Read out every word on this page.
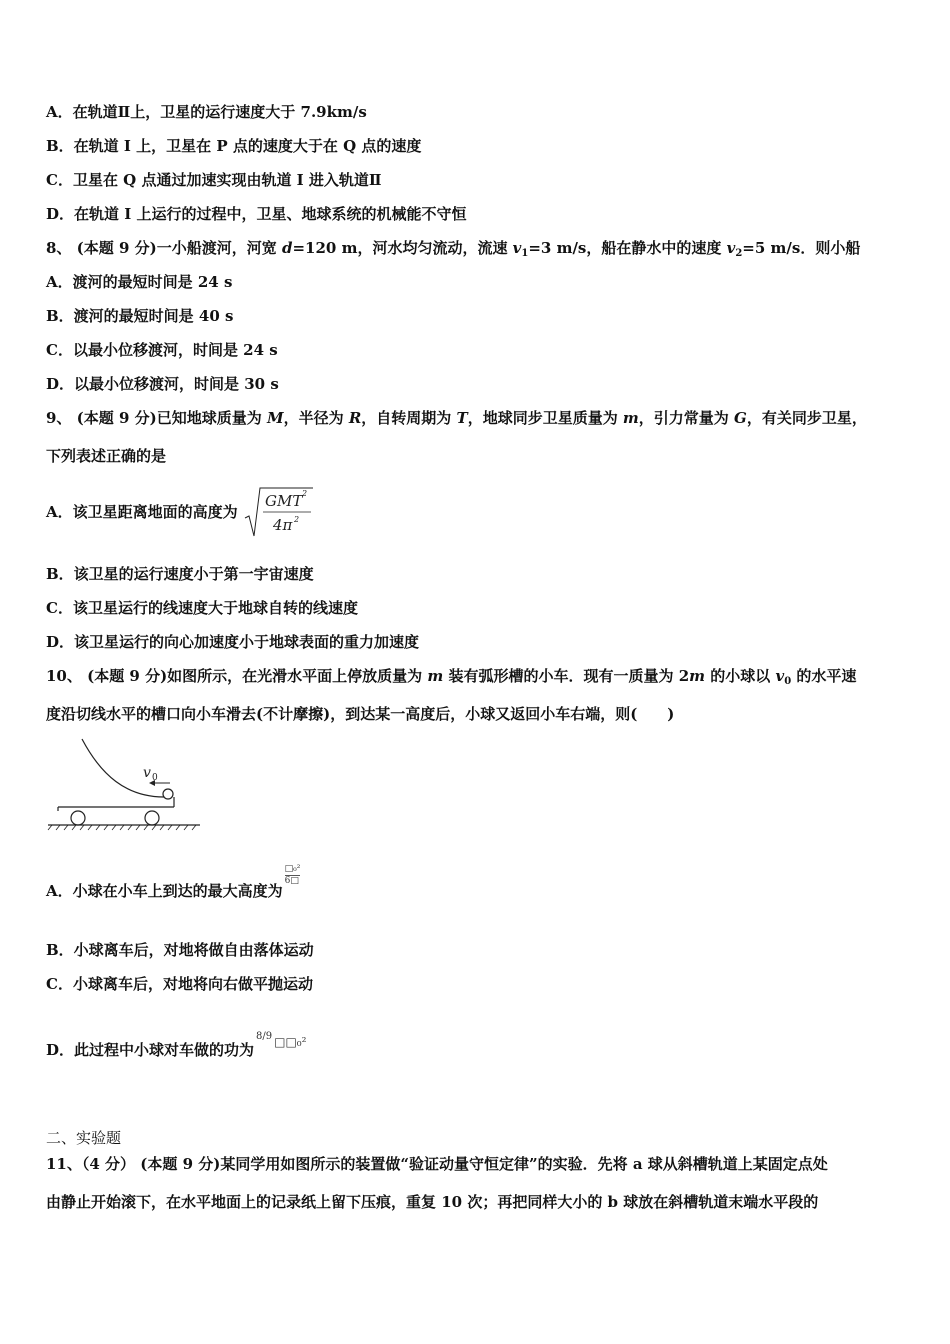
A．在轨道Ⅱ上，卫星的运行速度大于 7.9km/s
B．在轨道 I 上，卫星在 P 点的速度大于在 Q 点的速度
C．卫星在 Q 点通过加速实现由轨道 I 进入轨道Ⅱ
D．在轨道 I 上运行的过程中，卫星、地球系统的机械能不守恒
8、 (本题 9 分)一小船渡河，河宽 d=120 m，河水均匀流动，流速 $v_1=3$ m/s，船在静水中的速度 $v_2=5$ m/s．则小船
A．渡河的最短时间是 24 s
B．渡河的最短时间是 40 s
C．以最小位移渡河，时间是 24 s
D．以最小位移渡河，时间是 30 s
9、 (本题 9 分)已知地球质量为 M，半径为 R，自转周期为 T，地球同步卫星质量为 m，引力常量为 G，有关同步卫星，
下列表述正确的是
A．该卫星距离地面的高度为
GMT 2
4π 2
B．该卫星的运行速度小于第一宇宙速度
C．该卫星运行的线速度大于地球自转的线速度
D．该卫星运行的向心加速度小于地球表面的重力加速度
10、 (本题 9 分)如图所示，在光滑水平面上停放质量为 m 装有弧形槽的小车．现有一质量为 2m 的小球以 $v_0$ 的水平速
度沿切线水平的槽口向小车滑去(不计摩擦)，到达某一高度后，小球又返回小车右端，则(　　)
v 0
A．小球在小车上到达的最大高度为
$\frac{\text{□₀²}}{6□}$
B．小球离车后，对地将做自由落体运动
C．小球离车后，对地将向右做平抛运动
D．此过程中小球对车做的功为8/9 □□₀²
二、实验题
11、（4 分） (本题 9 分)某同学用如图所示的装置做“验证动量守恒定律”的实验．先将 a 球从斜槽轨道上某固定点处
由静止开始滚下，在水平地面上的记录纸上留下压痕，重复 10 次；再把同样大小的 b 球放在斜槽轨道末端水平段的
